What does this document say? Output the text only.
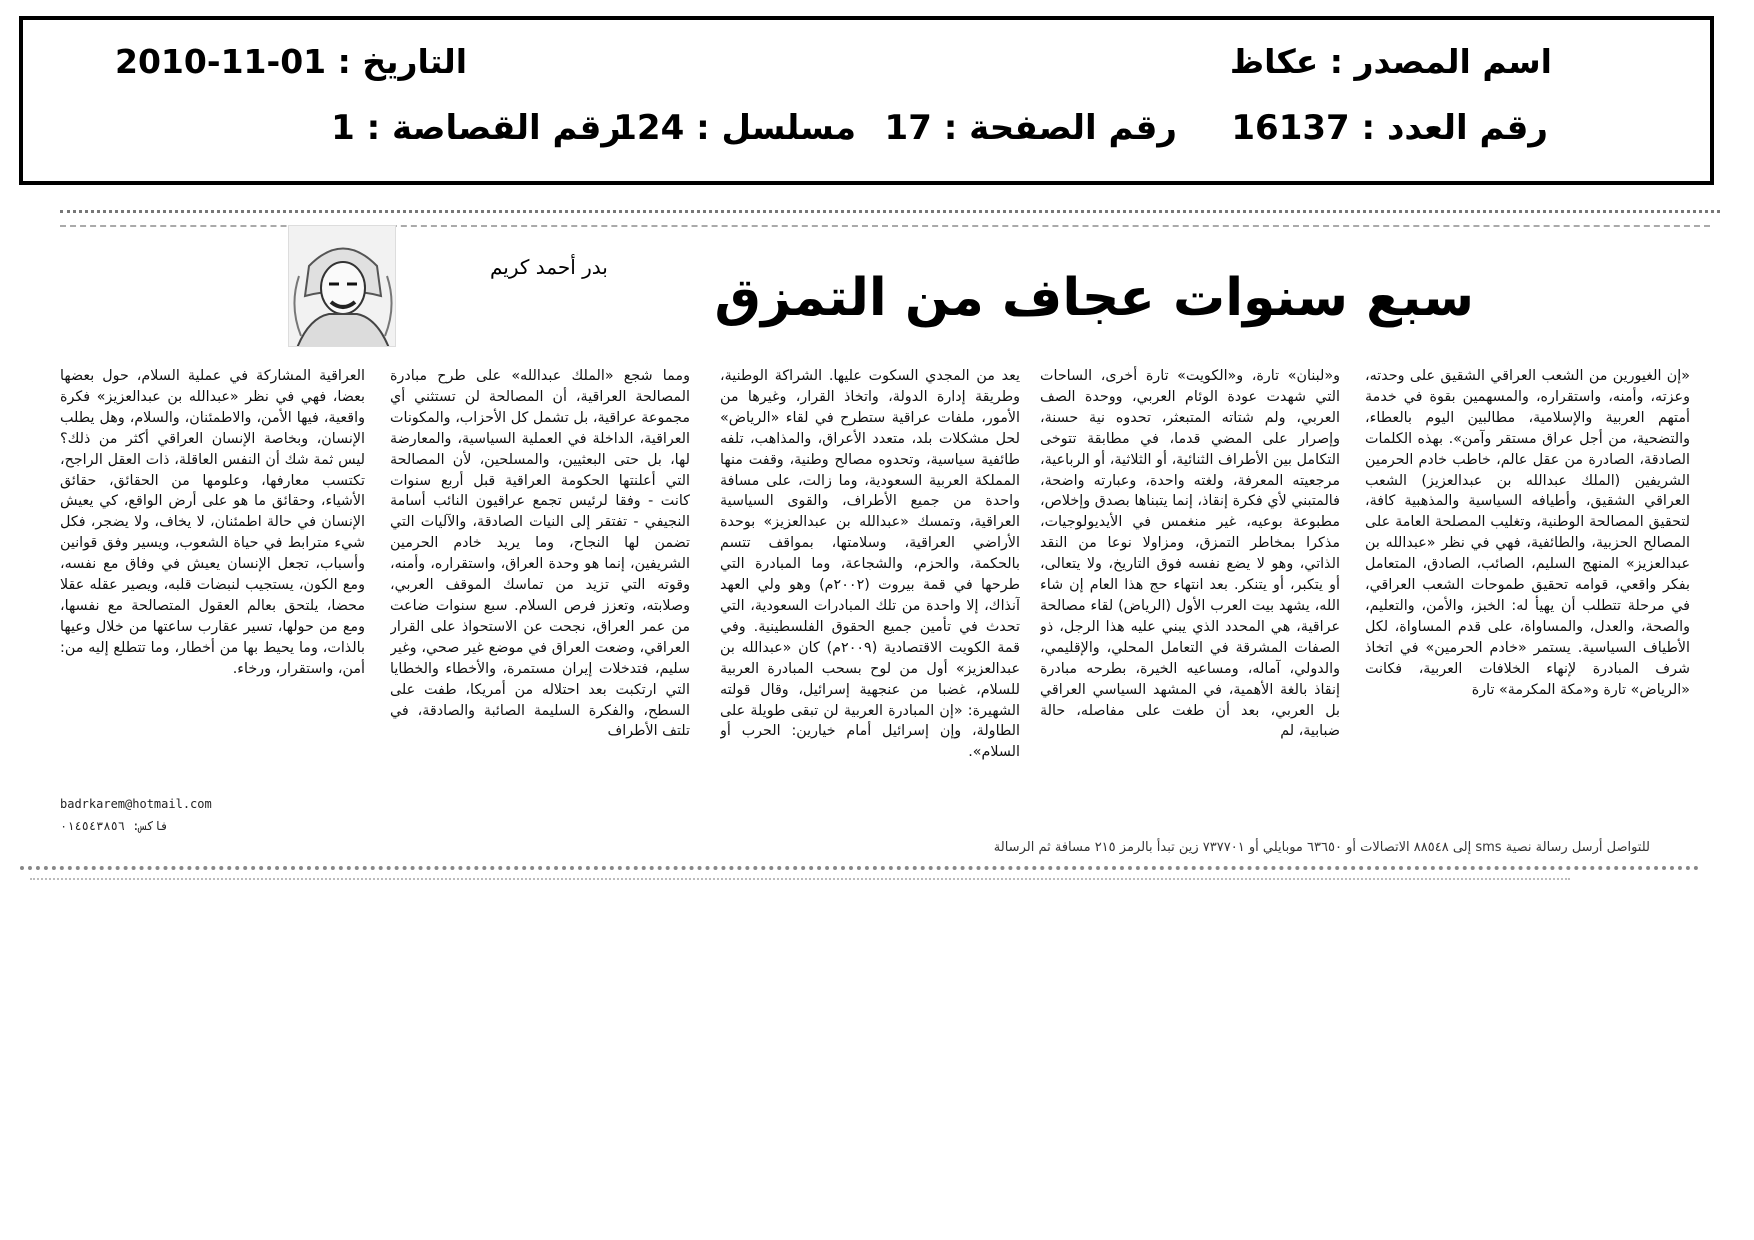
اسم المصدر : عكاظ
التاريخ : 01-11-2010
رقم العدد : 16137
رقم الصفحة : 17
مسلسل : 124
رقم القصاصة : 1
سبع سنوات عجاف من التمزق
بدر أحمد كريم

«إن الغيورين من الشعب العراقي الشقيق على وحدته، وعزته، وأمنه، واستقراره، والمسهمين بقوة في خدمة أمتهم العربية والإسلامية، مطالبين اليوم بالعطاء، والتضحية، من أجل عراق مستقر وآمن». بهذه الكلمات الصادقة، الصادرة من عقل عالم، خاطب خادم الحرمين الشريفين (الملك عبدالله بن عبدالعزيز) الشعب العراقي الشقيق، وأطيافه السياسية والمذهبية كافة، لتحقيق المصالحة الوطنية، وتغليب المصلحة العامة على المصالح الحزبية، والطائفية، فهي في نظر «عبدالله بن عبدالعزيز» المنهج السليم، الصائب، الصادق، المتعامل بفكر واقعي، قوامه تحقيق طموحات الشعب العراقي، في مرحلة تتطلب أن يهيأ له: الخبز، والأمن، والتعليم، والصحة، والعدل، والمساواة، على قدم المساواة، لكل الأطياف السياسية. يستمر «خادم الحرمين» في اتخاذ شرف المبادرة لإنهاء الخلافات العربية، فكانت «الرياض» تارة و«مكة المكرمة» تارة

و«لبنان» تارة، و«الكويت» تارة أخرى، الساحات التي شهدت عودة الوئام العربي، ووحدة الصف العربي، ولم شتاته المتبعثر، تحدوه نية حسنة، وإصرار على المضي قدما، في مطابقة تتوخى التكامل بين الأطراف الثنائية، أو الثلاثية، أو الرباعية، مرجعيته المعرفة، ولغته واحدة، وعبارته واضحة، فالمتبني لأي فكرة إنقاذ، إنما يتبناها بصدق وإخلاص، مطبوعة بوعيه، غير منغمس في الأيديولوجيات، مذكرا بمخاطر التمزق، ومزاولا نوعا من النقد الذاتي، وهو لا يضع نفسه فوق التاريخ، ولا يتعالى، أو يتكبر، أو يتنكر. بعد انتهاء حج هذا العام إن شاء الله، يشهد بيت العرب الأول (الرياض) لقاء مصالحة عراقية، هي المحدد الذي يبني عليه هذا الرجل، ذو الصفات المشرقة في التعامل المحلي، والإقليمي، والدولي، آماله، ومساعيه الخيرة، بطرحه مبادرة إنقاذ بالغة الأهمية، في المشهد السياسي العراقي بل العربي، بعد أن طغت على مفاصله، حالة ضبابية، لم

يعد من المجدي السكوت عليها. الشراكة الوطنية، وطريقة إدارة الدولة، واتخاذ القرار، وغيرها من الأمور، ملفات عراقية ستطرح في لقاء «الرياض» لحل مشكلات بلد، متعدد الأعراق، والمذاهب، تلفه طائفية سياسية، وتحدوه مصالح وطنية، وقفت منها المملكة العربية السعودية، وما زالت، على مسافة واحدة من جميع الأطراف، والقوى السياسية العراقية، وتمسك «عبدالله بن عبدالعزيز» بوحدة الأراضي العراقية، وسلامتها، بمواقف تتسم بالحكمة، والحزم، والشجاعة، وما المبادرة التي طرحها في قمة بيروت (٢٠٠٢م) وهو ولي العهد آنذاك، إلا واحدة من تلك المبادرات السعودية، التي تحدث في تأمين جميع الحقوق الفلسطينية. وفي قمة الكويت الاقتصادية (٢٠٠٩م) كان «عبدالله بن عبدالعزيز» أول من لوح بسحب المبادرة العربية للسلام، غضبا من عنجهية إسرائيل، وقال قولته الشهيرة: «إن المبادرة العربية لن تبقى طويلة على الطاولة، وإن إسرائيل أمام خيارين: الحرب أو السلام».

ومما شجع «الملك عبدالله» على طرح مبادرة المصالحة العراقية، أن المصالحة لن تستثني أي مجموعة عراقية، بل تشمل كل الأحزاب، والمكونات العراقية، الداخلة في العملية السياسية، والمعارضة لها، بل حتى البعثيين، والمسلحين، لأن المصالحة التي أعلنتها الحكومة العراقية قبل أربع سنوات كانت - وفقا لرئيس تجمع عراقيون النائب أسامة النجيفي - تفتقر إلى النيات الصادقة، والآليات التي تضمن لها النجاح، وما يريد خادم الحرمين الشريفين، إنما هو وحدة العراق، واستقراره، وأمنه، وقوته التي تزيد من تماسك الموقف العربي، وصلابته، وتعزز فرص السلام. سبع سنوات ضاعت من عمر العراق، نجحت عن الاستحواذ على القرار العراقي، وضعت العراق في موضع غير صحي، وغير سليم، فتدخلات إيران مستمرة، والأخطاء والخطايا التي ارتكبت بعد احتلاله من أمريكا، طفت على السطح، والفكرة السليمة الصائبة والصادقة، في تلتف الأطراف

العراقية المشاركة في عملية السلام، حول بعضها بعضا، فهي في نظر «عبدالله بن عبدالعزيز» فكرة واقعية، فيها الأمن، والاطمئنان، والسلام، وهل يطلب الإنسان، وبخاصة الإنسان العراقي أكثر من ذلك؟ ليس ثمة شك أن النفس العاقلة، ذات العقل الراجح، تكتسب معارفها، وعلومها من الحقائق، حقائق الأشياء، وحقائق ما هو على أرض الواقع، كي يعيش الإنسان في حالة اطمئنان، لا يخاف، ولا يضجر، فكل شيء مترابط في حياة الشعوب، ويسير وفق قوانين وأسباب، تجعل الإنسان يعيش في وفاق مع نفسه، ومع الكون، يستجيب لنبضات قلبه، ويصير عقله عقلا محضا، يلتحق بعالم العقول المتصالحة مع نفسها، ومع من حولها، تسير عقارب ساعتها من خلال وعيها بالذات، وما يحيط بها من أخطار، وما تتطلع إليه من: أمن، واستقرار، ورخاء.

badrkarem@hotmail.com
فاكس: ٠١٤٥٤٣٨٥٦
للتواصل أرسل رسالة نصية sms إلى ٨٨٥٤٨ الاتصالات أو ٦٣٦٥٠ موبايلي أو ٧٣٧٧٠١ زين تبدأ بالرمز ٢١٥ مسافة ثم الرسالة
